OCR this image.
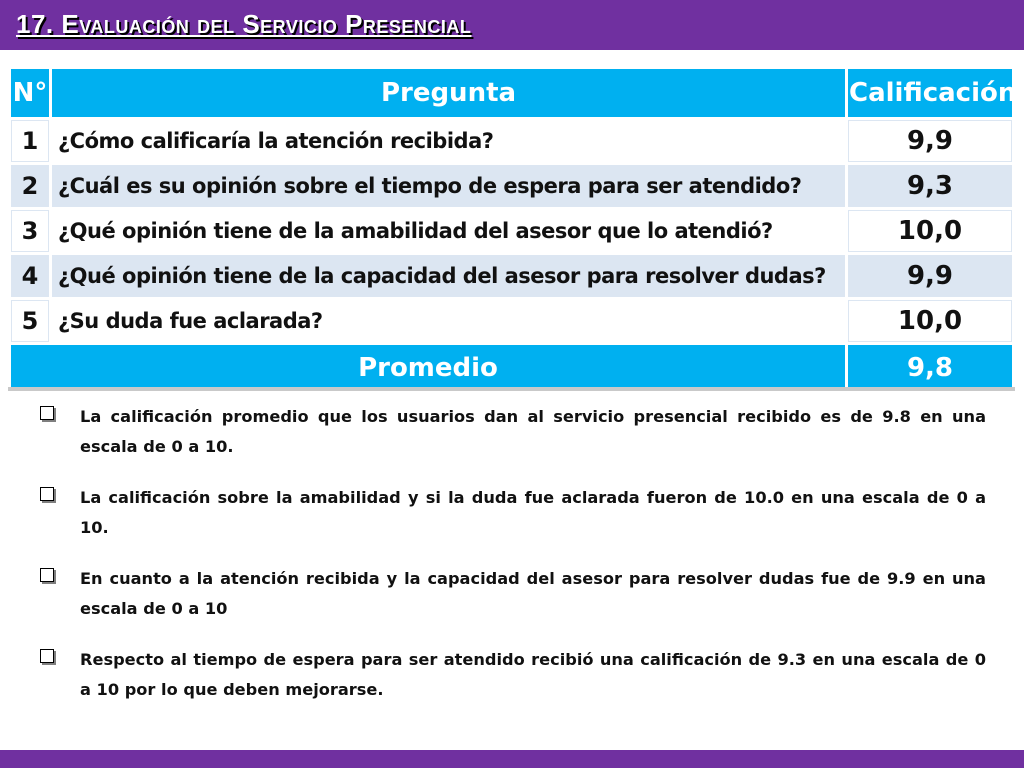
17. Evaluación del Servicio Presencial
N°	Pregunta	Calificación
1	¿Cómo calificaría la atención recibida?	9,9
2	¿Cuál es su opinión sobre el tiempo de espera para ser atendido?	9,3
3	¿Qué opinión tiene de la amabilidad del asesor que lo atendió?	10,0
4	¿Qué opinión tiene de la capacidad del asesor para resolver dudas?	9,9
5	¿Su duda fue aclarada?	10,0
Promedio		9,8
La calificación promedio que los usuarios dan al servicio presencial recibido es de 9.8 en una escala de 0 a 10.
La calificación sobre la amabilidad y si la duda fue aclarada fueron de 10.0 en una escala de 0 a 10.
En cuanto a la atención recibida y la capacidad del asesor para resolver dudas fue de 9.9 en una escala de 0 a 10
Respecto al tiempo de espera para ser atendido recibió una calificación de 9.3 en una escala de 0 a 10 por lo que deben mejorarse.
